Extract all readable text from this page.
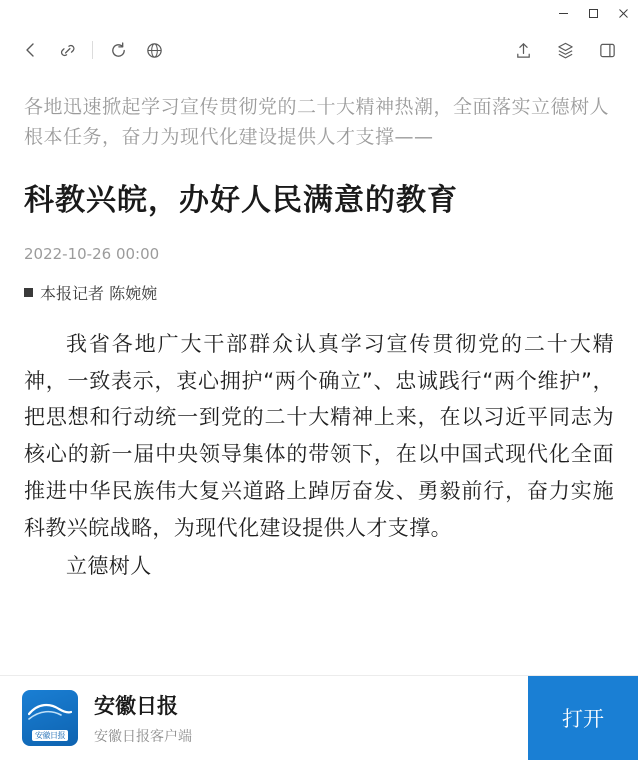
各地迅速掀起学习宣传贯彻党的二十大精神热潮，全面落实立德树人根本任务，奋力为现代化建设提供人才支撑——
科教兴皖，办好人民满意的教育
2022-10-26 00:00
本报记者 陈婉婉

我省各地广大干部群众认真学习宣传贯彻党的二十大精神，一致表示，衷心拥护“两个确立”、忠诚践行“两个维护”，把思想和行动统一到党的二十大精神上来，在以习近平同志为核心的新一届中央领导集体的带领下，在以中国式现代化全面推进中华民族伟大复兴道路上踔厉奋发、勇毅前行，奋力实施科教兴皖战略，为现代化建设提供人才支撑。

立德树人

安徽日报
安徽日报
安徽日报客户端
打开
